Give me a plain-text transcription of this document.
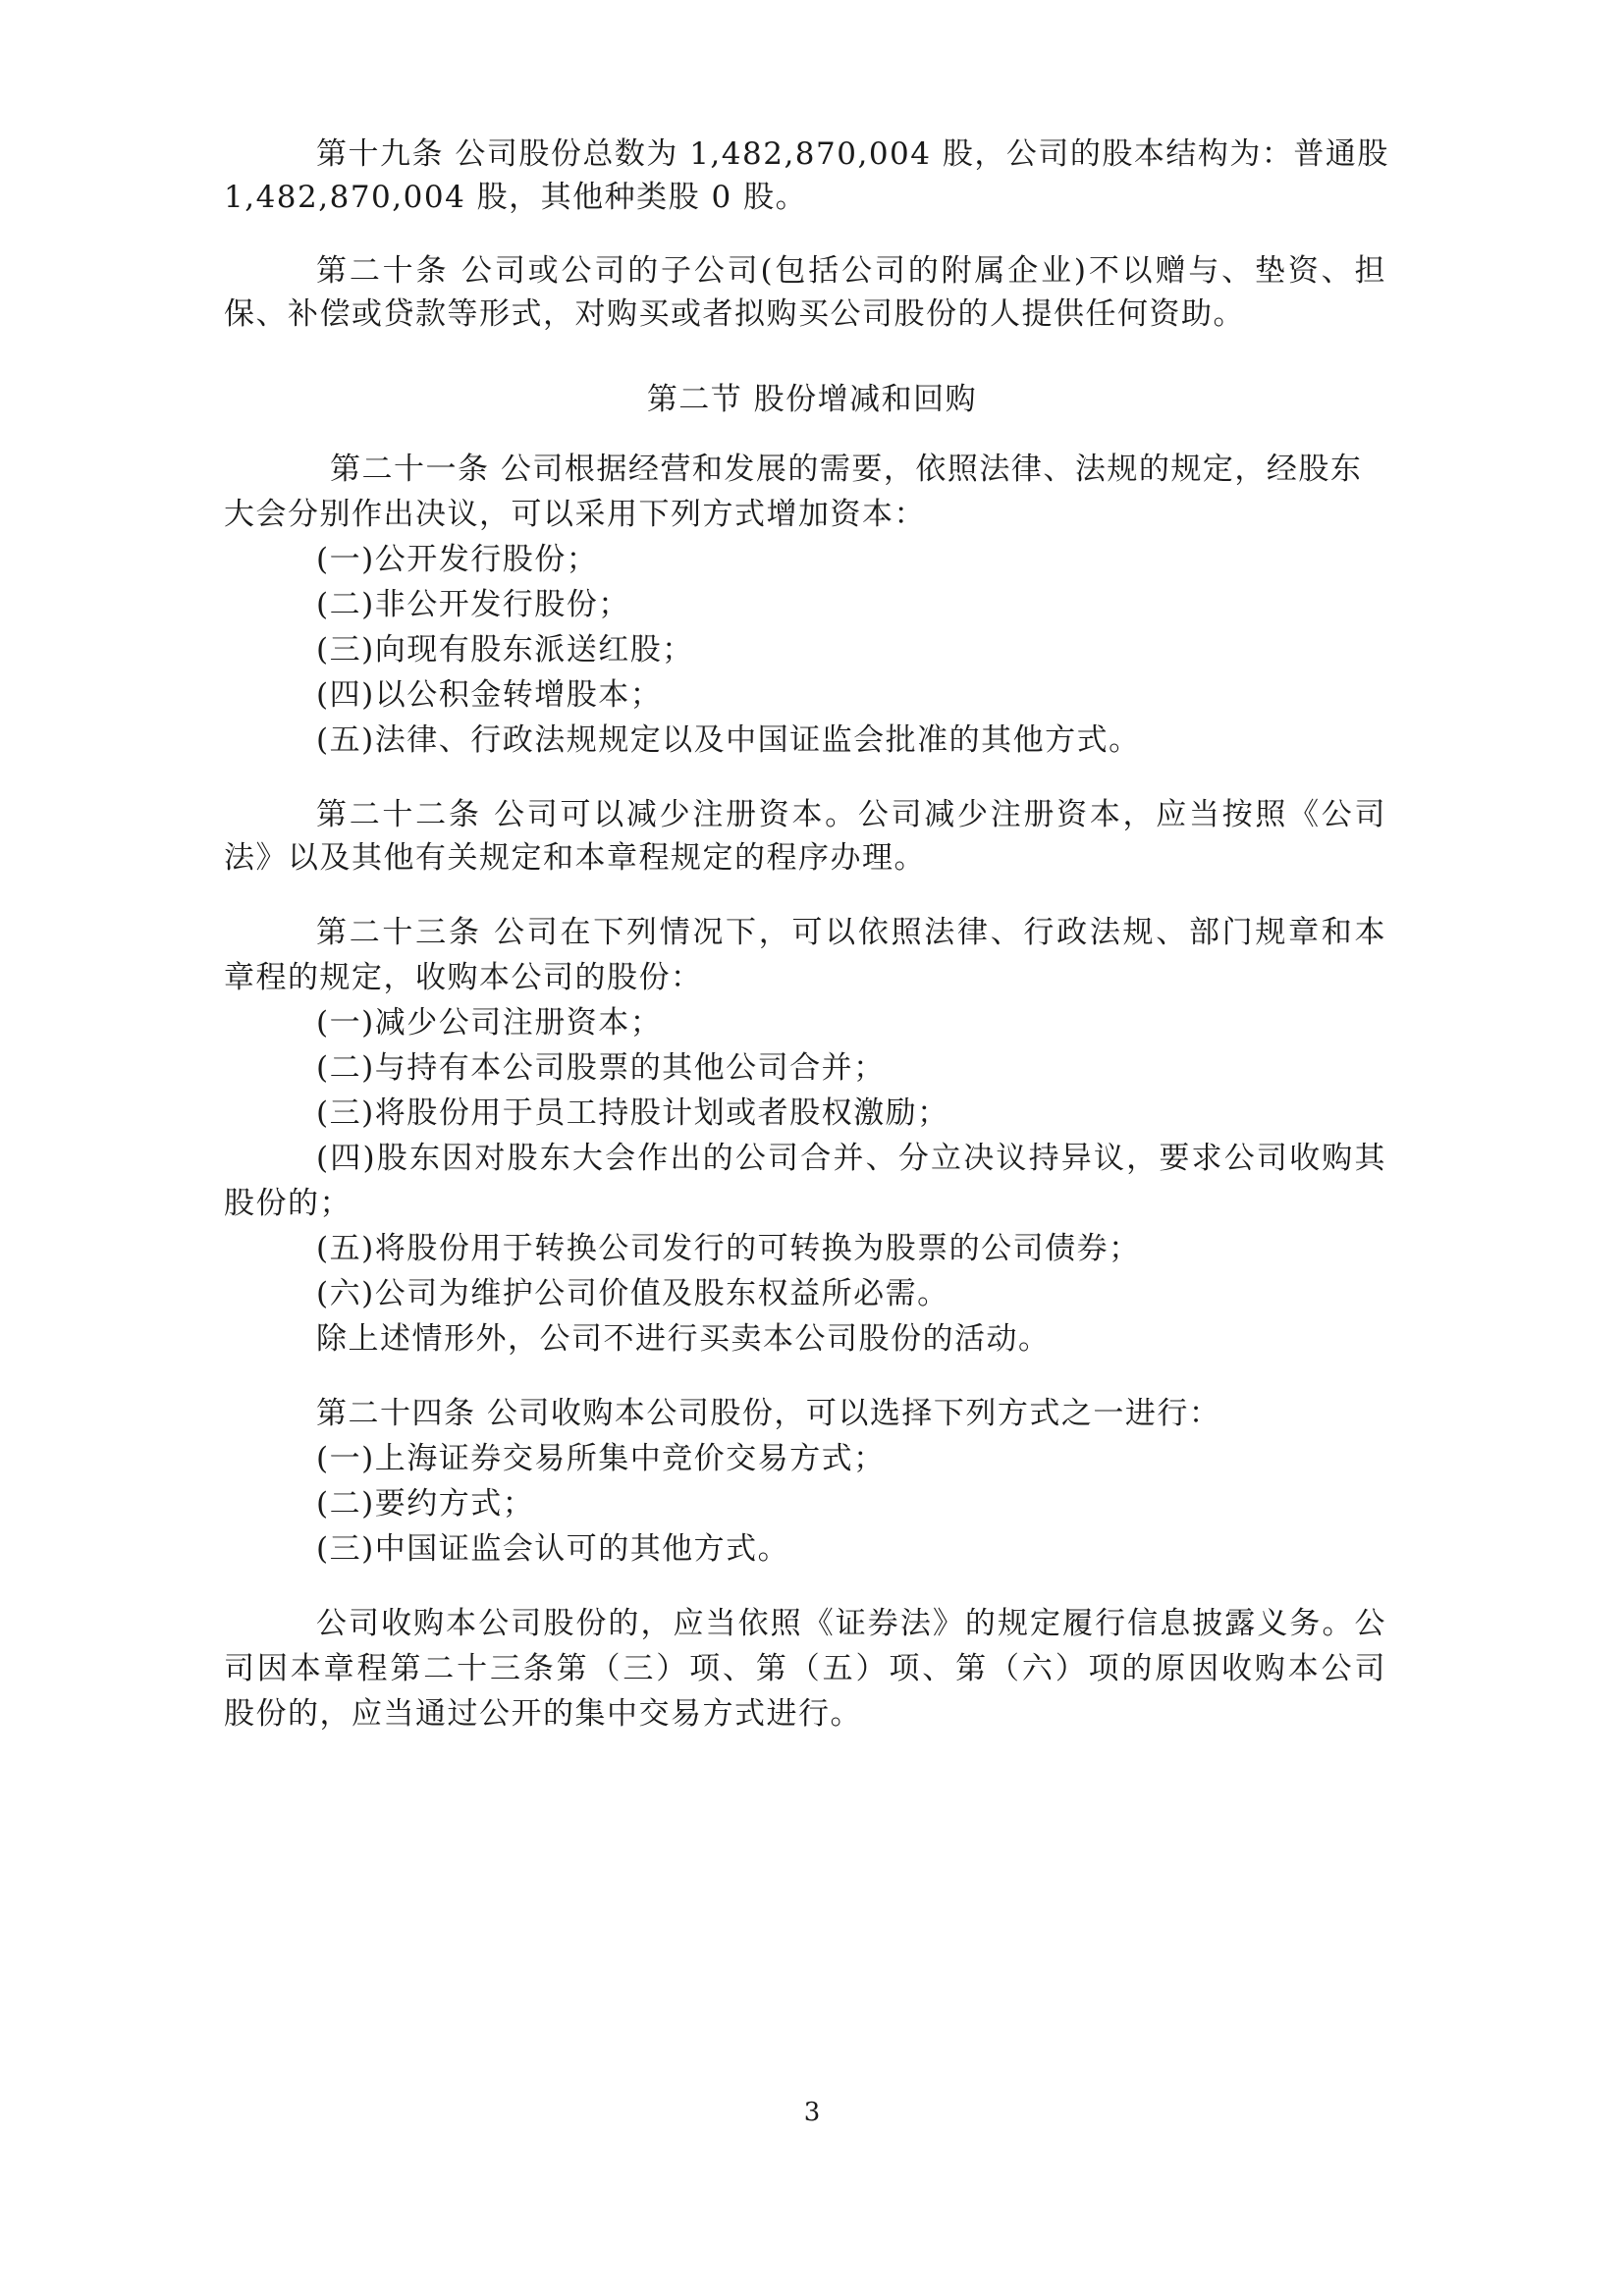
第十九条 公司股份总数为 1,482,870,004 股，公司的股本结构为：普通股
1,482,870,004 股，其他种类股 0 股。
第二十条 公司或公司的子公司(包括公司的附属企业)不以赠与、垫资、担
保、补偿或贷款等形式，对购买或者拟购买公司股份的人提供任何资助。
第二节 股份增减和回购
第二十一条 公司根据经营和发展的需要，依照法律、法规的规定，经股东
大会分别作出决议，可以采用下列方式增加资本：
(一)公开发行股份；
(二)非公开发行股份；
(三)向现有股东派送红股；
(四)以公积金转增股本；
(五)法律、行政法规规定以及中国证监会批准的其他方式。
第二十二条 公司可以减少注册资本。公司减少注册资本，应当按照《公司
法》以及其他有关规定和本章程规定的程序办理。
第二十三条 公司在下列情况下，可以依照法律、行政法规、部门规章和本
章程的规定，收购本公司的股份：
(一)减少公司注册资本；
(二)与持有本公司股票的其他公司合并；
(三)将股份用于员工持股计划或者股权激励；
(四)股东因对股东大会作出的公司合并、分立决议持异议，要求公司收购其
股份的；
(五)将股份用于转换公司发行的可转换为股票的公司债券；
(六)公司为维护公司价值及股东权益所必需。
除上述情形外，公司不进行买卖本公司股份的活动。
第二十四条 公司收购本公司股份，可以选择下列方式之一进行：
(一)上海证券交易所集中竞价交易方式；
(二)要约方式；
(三)中国证监会认可的其他方式。
公司收购本公司股份的，应当依照《证券法》的规定履行信息披露义务。公
司因本章程第二十三条第（三）项、第（五）项、第（六）项的原因收购本公司
股份的，应当通过公开的集中交易方式进行。
3
